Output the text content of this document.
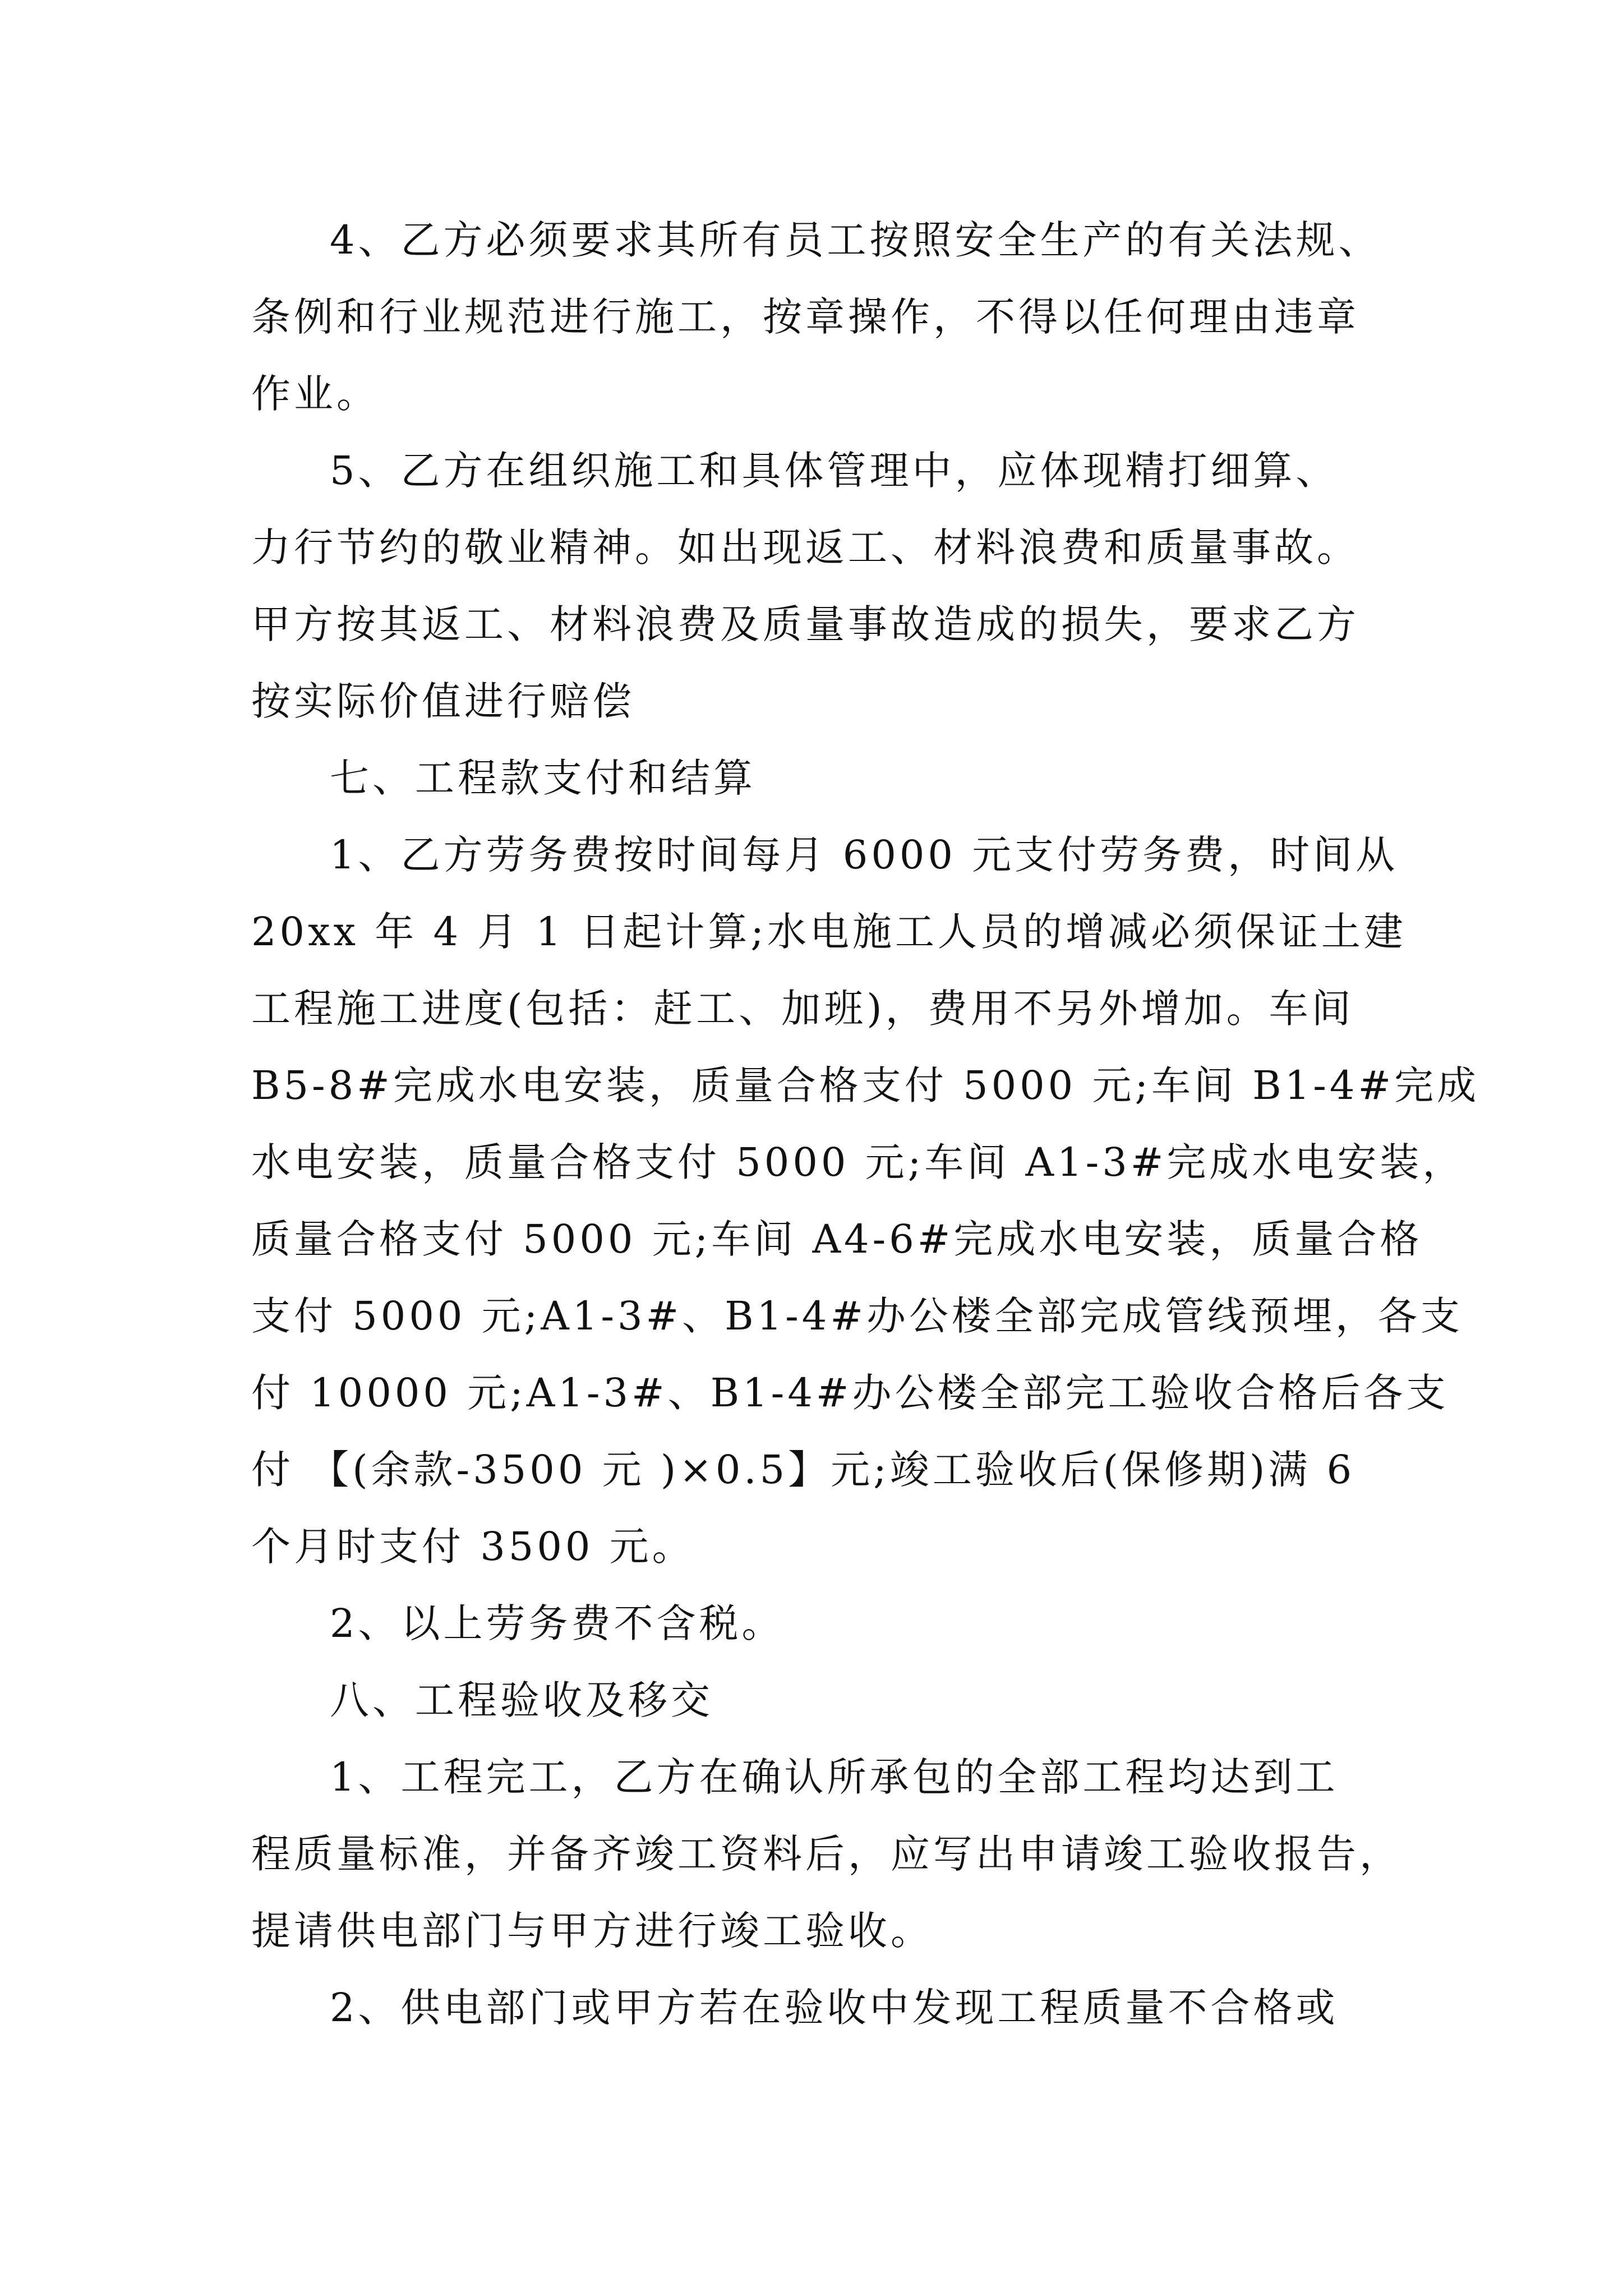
4、乙方必须要求其所有员工按照安全生产的有关法规、
条例和行业规范进行施工，按章操作，不得以任何理由违章
作业。
5、乙方在组织施工和具体管理中，应体现精打细算、
力行节约的敬业精神。如出现返工、材料浪费和质量事故。
甲方按其返工、材料浪费及质量事故造成的损失，要求乙方
按实际价值进行赔偿
七、工程款支付和结算
1、乙方劳务费按时间每月 6000 元支付劳务费，时间从
20xx 年 4 月 1 日起计算;水电施工人员的增减必须保证土建
工程施工进度(包括：赶工、加班)，费用不另外增加。车间
B5-8#完成水电安装，质量合格支付 5000 元;车间 B1-4#完成
水电安装，质量合格支付 5000 元;车间 A1-3#完成水电安装，
质量合格支付 5000 元;车间 A4-6#完成水电安装，质量合格
支付 5000 元;A1-3#、B1-4#办公楼全部完成管线预埋，各支
付 10000 元;A1-3#、B1-4#办公楼全部完工验收合格后各支
付 【(余款-3500 元 )×0.5】元;竣工验收后(保修期)满 6
个月时支付 3500 元。
2、以上劳务费不含税。
八、工程验收及移交
1、工程完工，乙方在确认所承包的全部工程均达到工
程质量标准，并备齐竣工资料后，应写出申请竣工验收报告，
提请供电部门与甲方进行竣工验收。
2、供电部门或甲方若在验收中发现工程质量不合格或
